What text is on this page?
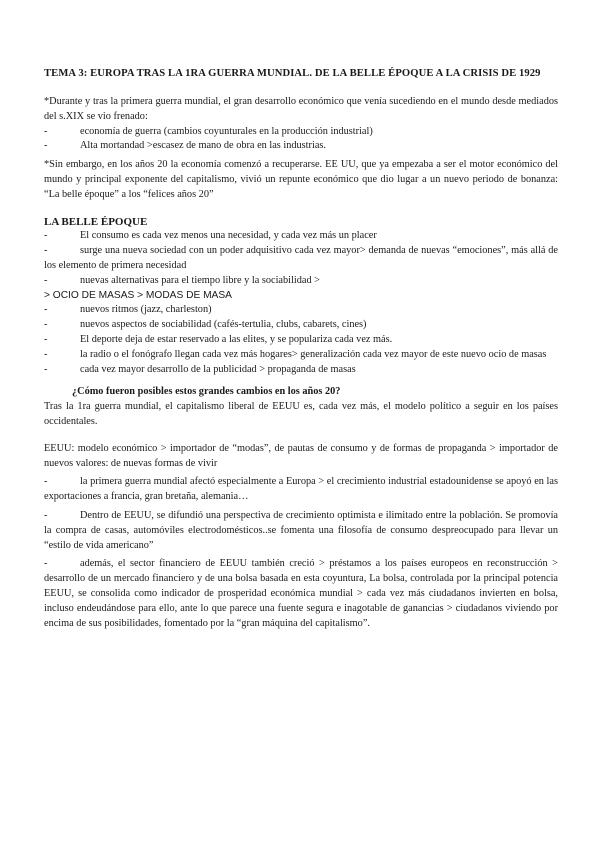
TEMA 3: EUROPA TRAS LA 1RA GUERRA MUNDIAL. DE LA BELLE ÉPOQUE A LA CRISIS DE 1929

*Durante y tras la primera guerra mundial, el gran desarrollo económico que venía sucediendo en el mundo desde mediados del s.XIX se vio frenado:

-	economía de guerra (cambios coyunturales en la producción industrial)
-	Alta mortandad >escasez de mano de obra en las industrias.

*Sin embargo, en los años 20 la economía comenzó a recuperarse. EE UU, que ya empezaba a ser el motor económico del mundo y principal exponente del capitalismo, vivió un repunte económico que dio lugar a un nuevo periodo de bonanza: “La belle époque” a los “felices años 20”

LA BELLE ÉPOQUE

-	El consumo es cada vez menos una necesidad, y cada vez más un placer
-	surge una nueva sociedad con un poder adquisitivo cada vez mayor> demanda de nuevas “emociones”, más allá de los elemento de primera necesidad
-	nuevas alternativas para el tiempo libre y la sociabilidad >

> OCIO DE MASAS > MODAS DE MASA

-	nuevos ritmos (jazz, charleston)
-	nuevos aspectos de sociabilidad (cafés-tertulia, clubs, cabarets, cines)
-	El deporte deja de estar reservado a las elites, y se populariza cada vez más.
-	la radio o el fonógrafo llegan cada vez más hogares> generalización cada vez mayor de este nuevo ocio de masas
-	cada vez mayor desarrollo de la publicidad > propaganda de masas

¿Cómo fueron posibles estos grandes cambios en los años 20?

Tras la 1ra guerra mundial, el capitalismo liberal de EEUU es, cada vez más, el modelo político a seguir en los países occidentales.

EEUU: modelo económico > importador de “modas”, de pautas de consumo y de formas de propaganda > importador de nuevos valores: de nuevas formas de vivir

-	la primera guerra mundial afectó especialmente a Europa > el crecimiento industrial estadounidense se apoyó en las exportaciones a francia, gran bretaña, alemania…
-	Dentro de EEUU, se difundió una perspectiva de crecimiento optimista e ilimitado entre la población. Se promovía la compra de casas, automóviles electrodomésticos..se fomenta una filosofía de consumo despreocupado para llevar un “estilo de vida americano”
-	además, el sector financiero de EEUU también creció > préstamos a los países europeos en reconstrucción > desarrollo de un mercado financiero y de una bolsa basada en esta coyuntura, La bolsa, controlada por la principal potencia EEUU, se consolida como indicador de prosperidad económica mundial > cada vez más ciudadanos invierten en bolsa, incluso endeudándose para ello, ante lo que parece una fuente segura e inagotable de ganancias > ciudadanos viviendo por encima de sus posibilidades, fomentado por la “gran máquina del capitalismo”.
